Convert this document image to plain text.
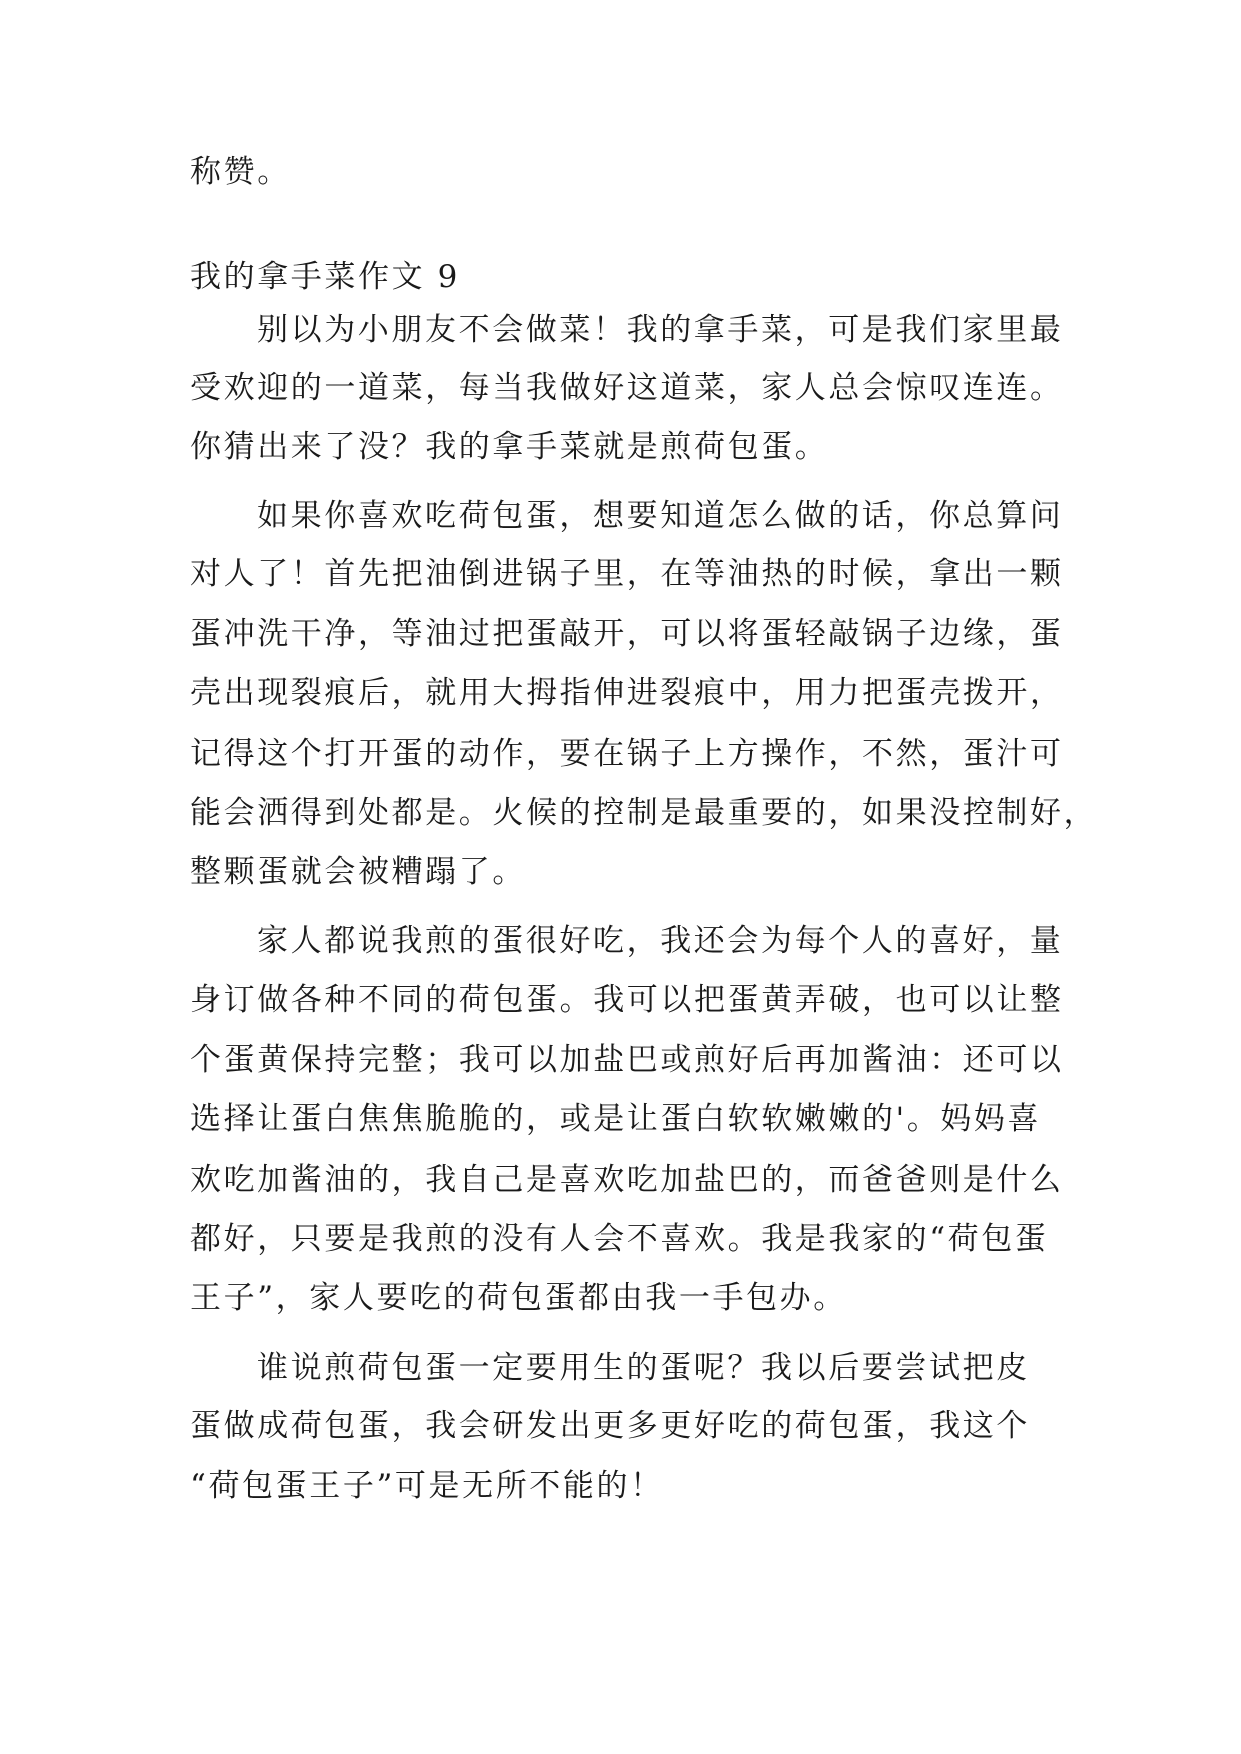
称赞。
我的拿手菜作文 9
别以为小朋友不会做菜！我的拿手菜，可是我们家里最
受欢迎的一道菜，每当我做好这道菜，家人总会惊叹连连。
你猜出来了没？我的拿手菜就是煎荷包蛋。
如果你喜欢吃荷包蛋，想要知道怎么做的话，你总算问
对人了！首先把油倒进锅子里，在等油热的时候，拿出一颗
蛋冲洗干净，等油过把蛋敲开，可以将蛋轻敲锅子边缘，蛋
壳出现裂痕后，就用大拇指伸进裂痕中，用力把蛋壳拨开，
记得这个打开蛋的动作，要在锅子上方操作，不然，蛋汁可
能会洒得到处都是。火候的控制是最重要的，如果没控制好，
整颗蛋就会被糟蹋了。
家人都说我煎的蛋很好吃，我还会为每个人的喜好，量
身订做各种不同的荷包蛋。我可以把蛋黄弄破，也可以让整
个蛋黄保持完整；我可以加盐巴或煎好后再加酱油：还可以
选择让蛋白焦焦脆脆的，或是让蛋白软软嫩嫩的'。妈妈喜
欢吃加酱油的，我自己是喜欢吃加盐巴的，而爸爸则是什么
都好，只要是我煎的没有人会不喜欢。我是我家的“荷包蛋
王子”，家人要吃的荷包蛋都由我一手包办。
谁说煎荷包蛋一定要用生的蛋呢？我以后要尝试把皮
蛋做成荷包蛋，我会研发出更多更好吃的荷包蛋，我这个
“荷包蛋王子”可是无所不能的！
